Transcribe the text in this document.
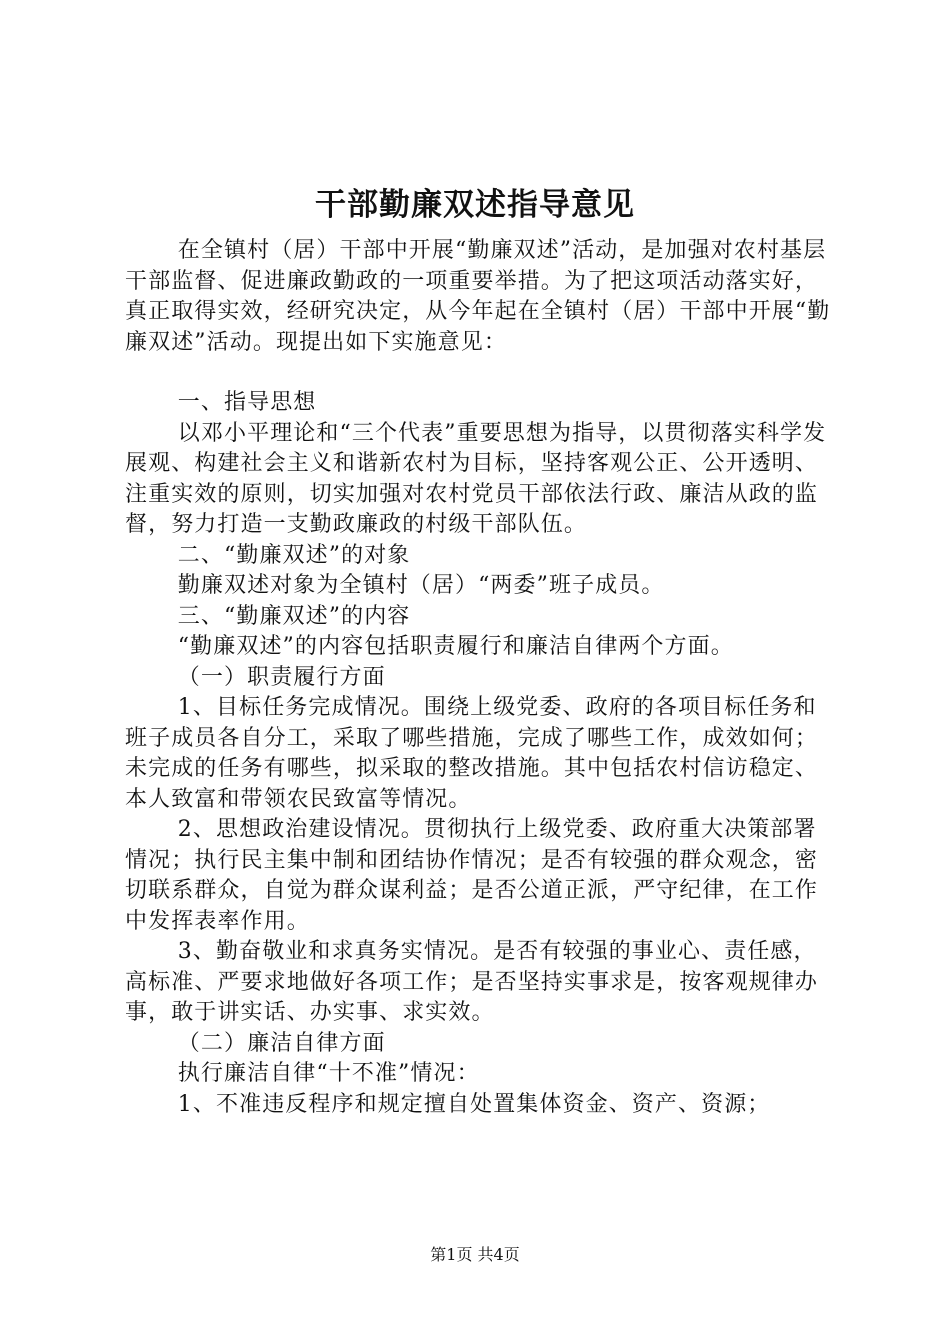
干部勤廉双述指导意见

在全镇村（居）干部中开展“勤廉双述”活动，是加强对农村基层干部监督、促进廉政勤政的一项重要举措。为了把这项活动落实好，真正取得实效，经研究决定，从今年起在全镇村（居）干部中开展“勤廉双述”活动。现提出如下实施意见：

一、指导思想

以邓小平理论和“三个代表”重要思想为指导，以贯彻落实科学发展观、构建社会主义和谐新农村为目标，坚持客观公正、公开透明、注重实效的原则，切实加强对农村党员干部依法行政、廉洁从政的监督，努力打造一支勤政廉政的村级干部队伍。

二、“勤廉双述”的对象

勤廉双述对象为全镇村（居）“两委”班子成员。

三、“勤廉双述”的内容

“勤廉双述”的内容包括职责履行和廉洁自律两个方面。

（一）职责履行方面

1、目标任务完成情况。围绕上级党委、政府的各项目标任务和班子成员各自分工，采取了哪些措施，完成了哪些工作，成效如何；未完成的任务有哪些，拟采取的整改措施。其中包括农村信访稳定、本人致富和带领农民致富等情况。

2、思想政治建设情况。贯彻执行上级党委、政府重大决策部署情况；执行民主集中制和团结协作情况；是否有较强的群众观念，密切联系群众，自觉为群众谋利益；是否公道正派，严守纪律，在工作中发挥表率作用。

3、勤奋敬业和求真务实情况。是否有较强的事业心、责任感，高标准、严要求地做好各项工作；是否坚持实事求是，按客观规律办事，敢于讲实话、办实事、求实效。

（二）廉洁自律方面

执行廉洁自律“十不准”情况：

1、不准违反程序和规定擅自处置集体资金、资产、资源；

第1页 共4页
